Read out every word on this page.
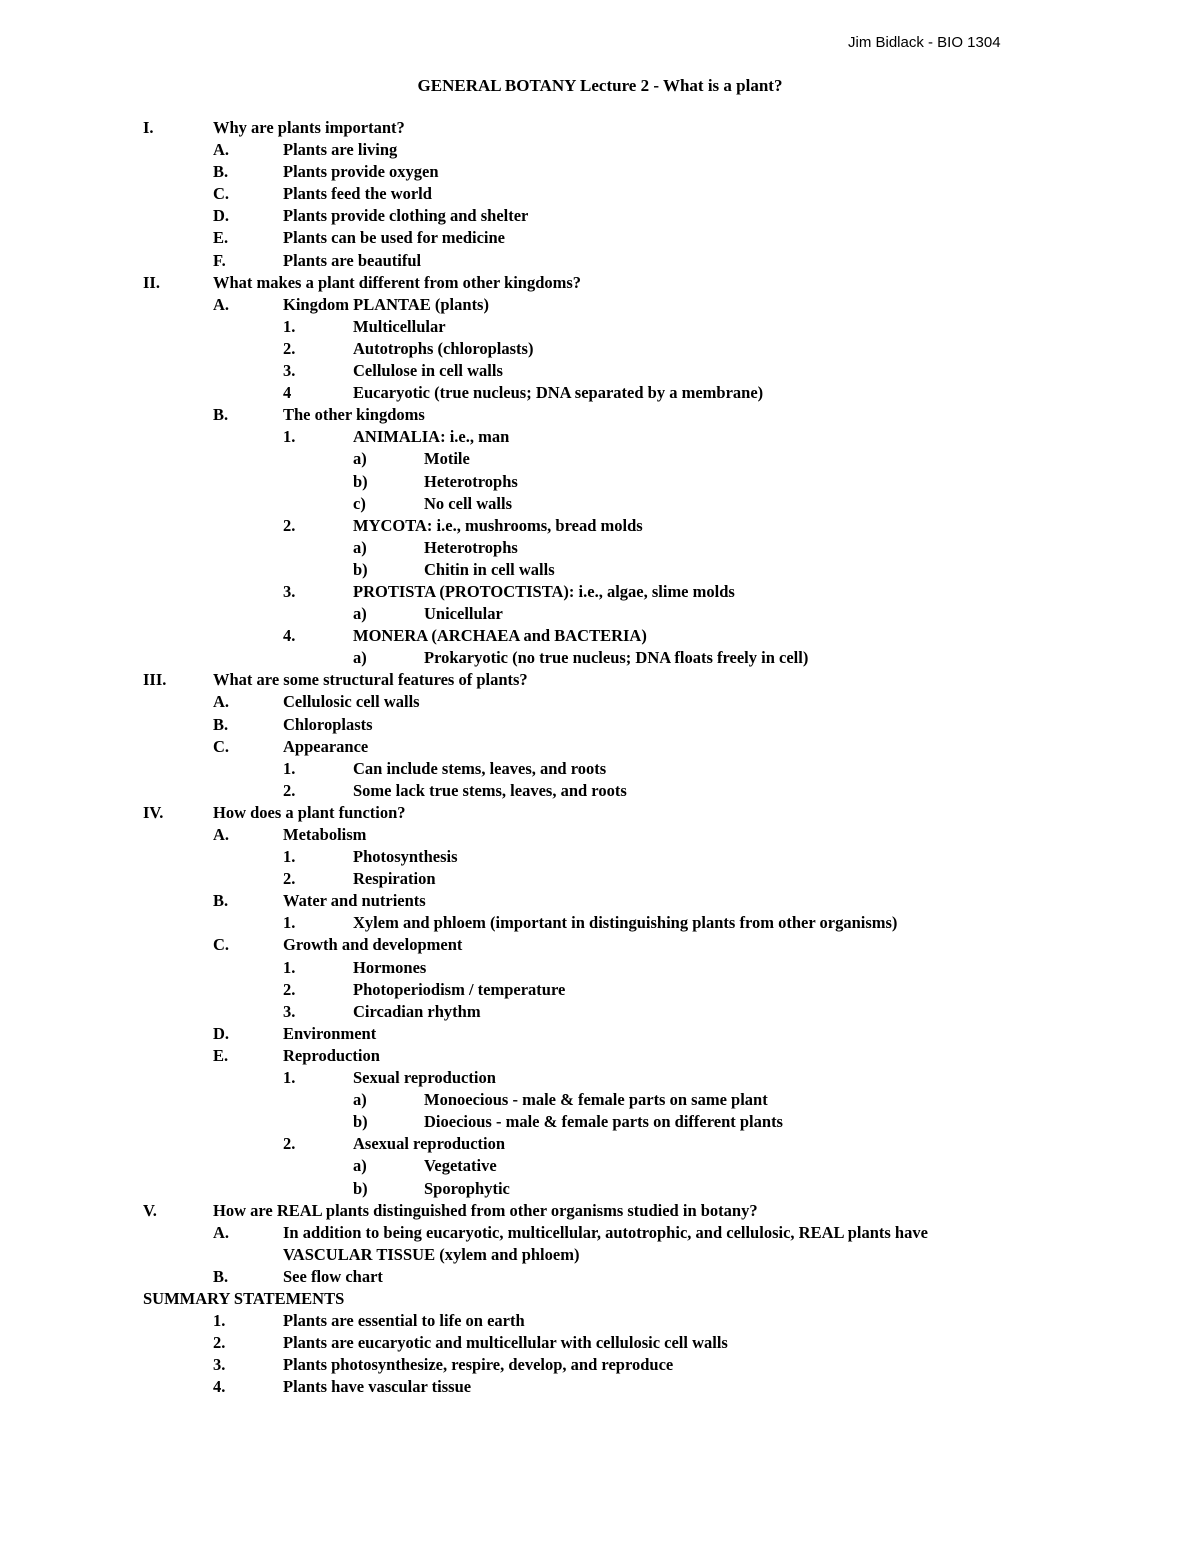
Jim Bidlack - BIO 1304
GENERAL BOTANY Lecture 2 - What is a plant?
I.	Why are plants important?
A.	Plants are living
B.	Plants provide oxygen
C.	Plants feed the world
D.	Plants provide clothing and shelter
E.	Plants can be used for medicine
F.	Plants are beautiful
II.	What makes a plant different from other kingdoms?
A.	Kingdom PLANTAE (plants)
1.	Multicellular
2.	Autotrophs (chloroplasts)
3.	Cellulose in cell walls
4	Eucaryotic (true nucleus; DNA separated by a membrane)
B.	The other kingdoms
1.	ANIMALIA: i.e., man
a)	Motile
b)	Heterotrophs
c)	No cell walls
2.	MYCOTA: i.e., mushrooms, bread molds
a)	Heterotrophs
b)	Chitin in cell walls
3.	PROTISTA (PROTOCTISTA): i.e., algae, slime molds
a)	Unicellular
4.	MONERA (ARCHAEA and BACTERIA)
a)	Prokaryotic (no true nucleus; DNA floats freely in cell)
III.	What are some structural features of plants?
A.	Cellulosic cell walls
B.	Chloroplasts
C.	Appearance
1.	Can include stems, leaves, and roots
2.	Some lack true stems, leaves, and roots
IV.	How does a plant function?
A.	Metabolism
1.	Photosynthesis
2.	Respiration
B.	Water and nutrients
1.	Xylem and phloem (important in distinguishing plants from other organisms)
C.	Growth and development
1.	Hormones
2.	Photoperiodism / temperature
3.	Circadian rhythm
D.	Environment
E.	Reproduction
1.	Sexual reproduction
a)	Monoecious - male & female parts on same plant
b)	Dioecious - male & female parts on different plants
2.	Asexual reproduction
a)	Vegetative
b)	Sporophytic
V.	How are REAL plants distinguished from other organisms studied in botany?
A.	In addition to being eucaryotic, multicellular, autotrophic, and cellulosic, REAL plants have
VASCULAR TISSUE (xylem and phloem)
B.	See flow chart
SUMMARY STATEMENTS
1.	Plants are essential to life on earth
2.	Plants are eucaryotic and multicellular with cellulosic cell walls
3.	Plants photosynthesize, respire, develop, and reproduce
4.	Plants have vascular tissue
